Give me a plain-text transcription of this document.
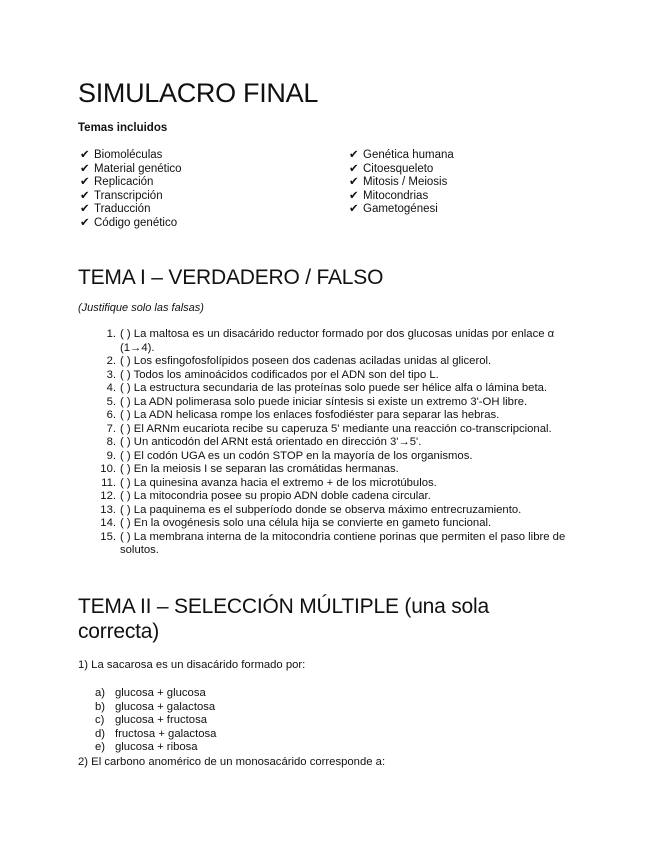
SIMULACRO FINAL
Temas incluidos
✔ Biomoléculas
✔ Material genético
✔ Replicación
✔ Transcripción
✔ Traducción
✔ Código genético
✔ Genética humana
✔ Citoesqueleto
✔ Mitosis / Meiosis
✔ Mitocondrias
✔ Gametogénesi
TEMA I – VERDADERO / FALSO
(Justifique solo las falsas)
1. ( ) La maltosa es un disacárido reductor formado por dos glucosas unidas por enlace α (1→4).
2. ( ) Los esfingofosfolípidos poseen dos cadenas aciladas unidas al glicerol.
3. ( ) Todos los aminoácidos codificados por el ADN son del tipo L.
4. ( ) La estructura secundaria de las proteínas solo puede ser hélice alfa o lámina beta.
5. ( ) La ADN polimerasa solo puede iniciar síntesis si existe un extremo 3'-OH libre.
6. ( ) La ADN helicasa rompe los enlaces fosfodiéster para separar las hebras.
7. ( ) El ARNm eucariota recibe su caperuza 5' mediante una reacción co-transcripcional.
8. ( ) Un anticodón del ARNt está orientado en dirección 3'→5'.
9. ( ) El codón UGA es un codón STOP en la mayoría de los organismos.
10. ( ) En la meiosis I se separan las cromátidas hermanas.
11. ( ) La quinesina avanza hacia el extremo + de los microtúbulos.
12. ( ) La mitocondria posee su propio ADN doble cadena circular.
13. ( ) La paquinema es el subperíodo donde se observa máximo entrecruzamiento.
14. ( ) En la ovogénesis solo una célula hija se convierte en gameto funcional.
15. ( ) La membrana interna de la mitocondria contiene porinas que permiten el paso libre de solutos.
TEMA II – SELECCIÓN MÚLTIPLE (una sola correcta)
1) La sacarosa es un disacárido formado por:
a) glucosa + glucosa
b) glucosa + galactosa
c) glucosa + fructosa
d) fructosa + galactosa
e) glucosa + ribosa
2) El carbono anomérico de un monosacárido corresponde a:
